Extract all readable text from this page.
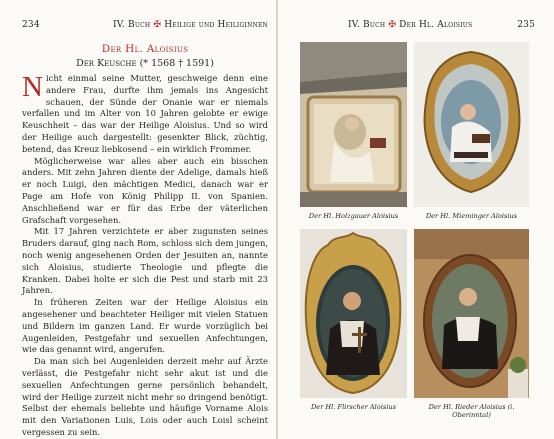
234	IV. Buch ✠ Heilige und Heiliginnen	IV. Buch ✠ Der Hl. Aloisius	235
Der Hl. Aloisius
Der Keusche (* 1568 † 1591)

Nicht einmal seine Mutter, geschweige denn eine andere Frau, durfte ihm jemals ins Angesicht schauen, der Sünde der Onanie war er niemals verfallen und im Alter von 10 Jahren gelobte er ewige Keuschheit – das war der Heilige Aloisius. Und so wird der Heilige auch dargestellt: gesenkter Blick, züchtig, betend, das Kreuz liebkosend – ein wirklich Frommer.

Möglicherweise war alles aber auch ein bisschen anders. Mit zehn Jahren diente der Adelige, damals hieß er noch Luigi, den mächtigen Medici, danach war er Page am Hofe von König Philipp II. von Spanien. Anschließend war er für das Erbe der väterlichen Grafschaft vorgesehen.

Mit 17 Jahren verzichtete er aber zugunsten seines Bruders darauf, ging nach Rom, schloss sich dem jungen, noch wenig angesehenen Orden der Jesuiten an, nannte sich Aloisius, studierte Theologie und pflegte die Kranken. Dabei holte er sich die Pest und starb mit 23 Jahren.

In früheren Zeiten war der Heilige Aloisius ein angesehener und beachteter Heiliger mit vielen Statuen und Bildern im ganzen Land. Er wurde vorzüglich bei Augenleiden, Pestgefahr und sexuellen Anfechtungen, wie das genannt wird, angerufen.

Da man sich bei Augenleiden derzeit mehr auf Ärzte verlässt, die Pestgefahr nicht sehr akut ist und die sexuellen Anfechtungen gerne persönlich behandelt, wird der Heilige zurzeit nicht mehr so dringend benötigt. Selbst der ehemals beliebte und häufige Vorname Alois mit den Variationen Luis, Lois oder auch Loisl scheint vergessen zu sein.

Der Hl. Holzgauer Aloisius	Der Hl. Mieminger Aloisius
Der Hl. Flirscher Aloisius	Der Hl. Rieder Aloisius (i. Oberinntal)
